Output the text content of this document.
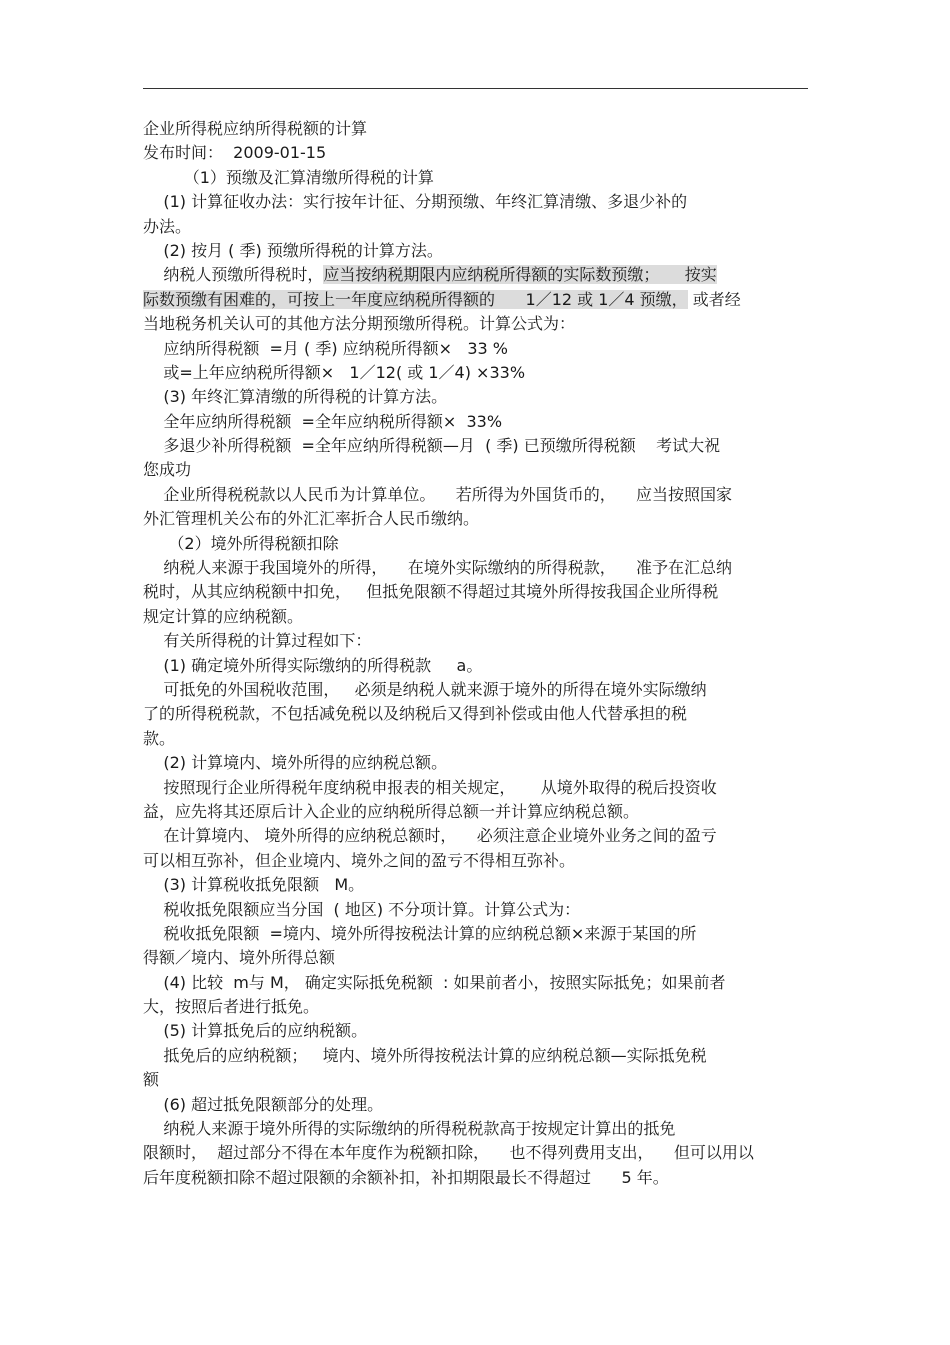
企业所得税应纳所得税额的计算
发布时间：  2009-01-15
（1）预缴及汇算清缴所得税的计算
(1) 计算征收办法：实行按年计征、分期预缴、年终汇算清缴、多退少补的
办法。
(2) 按月 ( 季) 预缴所得税的计算方法。
纳税人预缴所得税时，应当按纳税期限内应纳税所得额的实际数预缴；     按实
际数预缴有困难的，可按上一年度应纳税所得额的      1／12 或 1／4 预缴， 或者经
当地税务机关认可的其他方法分期预缴所得税。计算公式为：
应纳所得税额  =月 ( 季) 应纳税所得额×   33 %
或=上年应纳税所得额×   1／12( 或 1／4) ×33%
(3) 年终汇算清缴的所得税的计算方法。
全年应纳所得税额  =全年应纳税所得额×  33%
多退少补所得税额  =全年应纳所得税额—月  ( 季) 已预缴所得税额    考试大祝
您成功
企业所得税税款以人民币为计算单位。    若所得为外国货币的，    应当按照国家
外汇管理机关公布的外汇汇率折合人民币缴纳。
（2）境外所得税额扣除
纳税人来源于我国境外的所得，    在境外实际缴纳的所得税款，    准予在汇总纳
税时，从其应纳税额中扣免，   但抵免限额不得超过其境外所得按我国企业所得税
规定计算的应纳税额。
有关所得税的计算过程如下：
(1) 确定境外所得实际缴纳的所得税款     a。
可抵免的外国税收范围，   必须是纳税人就来源于境外的所得在境外实际缴纳
了的所得税税款，不包括减免税以及纳税后又得到补偿或由他人代替承担的税
款。
(2) 计算境内、境外所得的应纳税总额。
按照现行企业所得税年度纳税申报表的相关规定，     从境外取得的税后投资收
益，应先将其还原后计入企业的应纳税所得总额一并计算应纳税总额。
在计算境内、 境外所得的应纳税总额时，    必须注意企业境外业务之间的盈亏
可以相互弥补，但企业境内、境外之间的盈亏不得相互弥补。
(3) 计算税收抵免限额   M。
税收抵免限额应当分国  ( 地区) 不分项计算。计算公式为：
税收抵免限额  =境内、境外所得按税法计算的应纳税总额×来源于某国的所
得额／境内、境外所得总额
(4) 比较  m与 M， 确定实际抵免税额  : 如果前者小，按照实际抵免；如果前者
大，按照后者进行抵免。
(5) 计算抵免后的应纳税额。
抵免后的应纳税额；   境内、境外所得按税法计算的应纳税总额—实际抵免税
额
(6) 超过抵免限额部分的处理。
纳税人来源于境外所得的实际缴纳的所得税税款高于按规定计算出的抵免
限额时，  超过部分不得在本年度作为税额扣除，    也不得列费用支出，    但可以用以
后年度税额扣除不超过限额的余额补扣，补扣期限最长不得超过      5 年。
